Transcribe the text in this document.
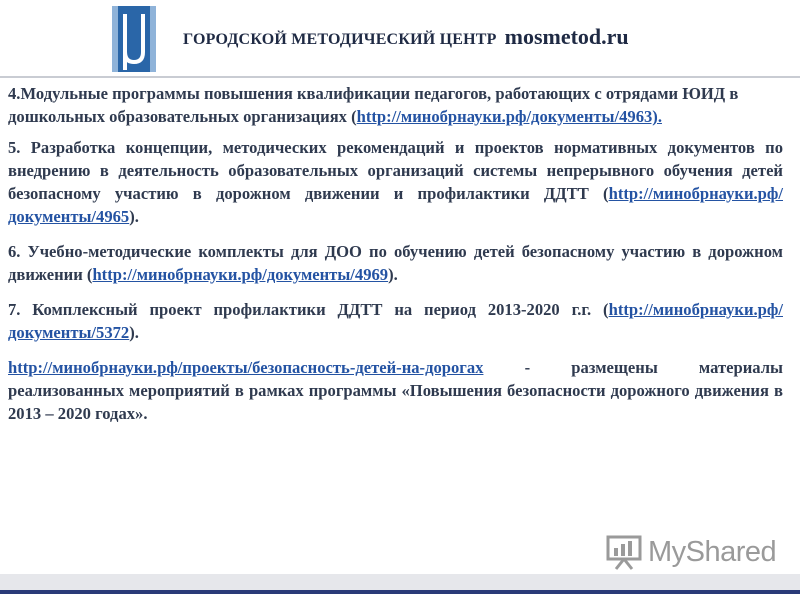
ГОРОДСКОЙ МЕТОДИЧЕСКИЙ ЦЕНТР mosmetod.ru

4.Модульные программы повышения квалификации педагогов, работающих с отрядами ЮИД в дошкольных образовательных организациях (http://минобрнауки.рф/документы/4963).

5. Разработка концепции, методических рекомендаций и проектов нормативных документов по внедрению в деятельность образовательных организаций системы непрерывного обучения детей безопасному участию в дорожном движении и профилактики ДДТТ (http://минобрнауки.рф/документы/4965).

6. Учебно-методические комплекты для ДОО по обучению детей безопасному участию в дорожном движении (http://минобрнауки.рф/документы/4969).

7. Комплексный проект профилактики ДДТТ на период 2013-2020 г.г. (http://минобрнауки.рф/документы/5372).

http://минобрнауки.рф/проекты/безопасность-детей-на-дорогах - размещены материалы реализованных мероприятий в рамках программы «Повышения безопасности дорожного движения в 2013 – 2020 годах».

MyShared
